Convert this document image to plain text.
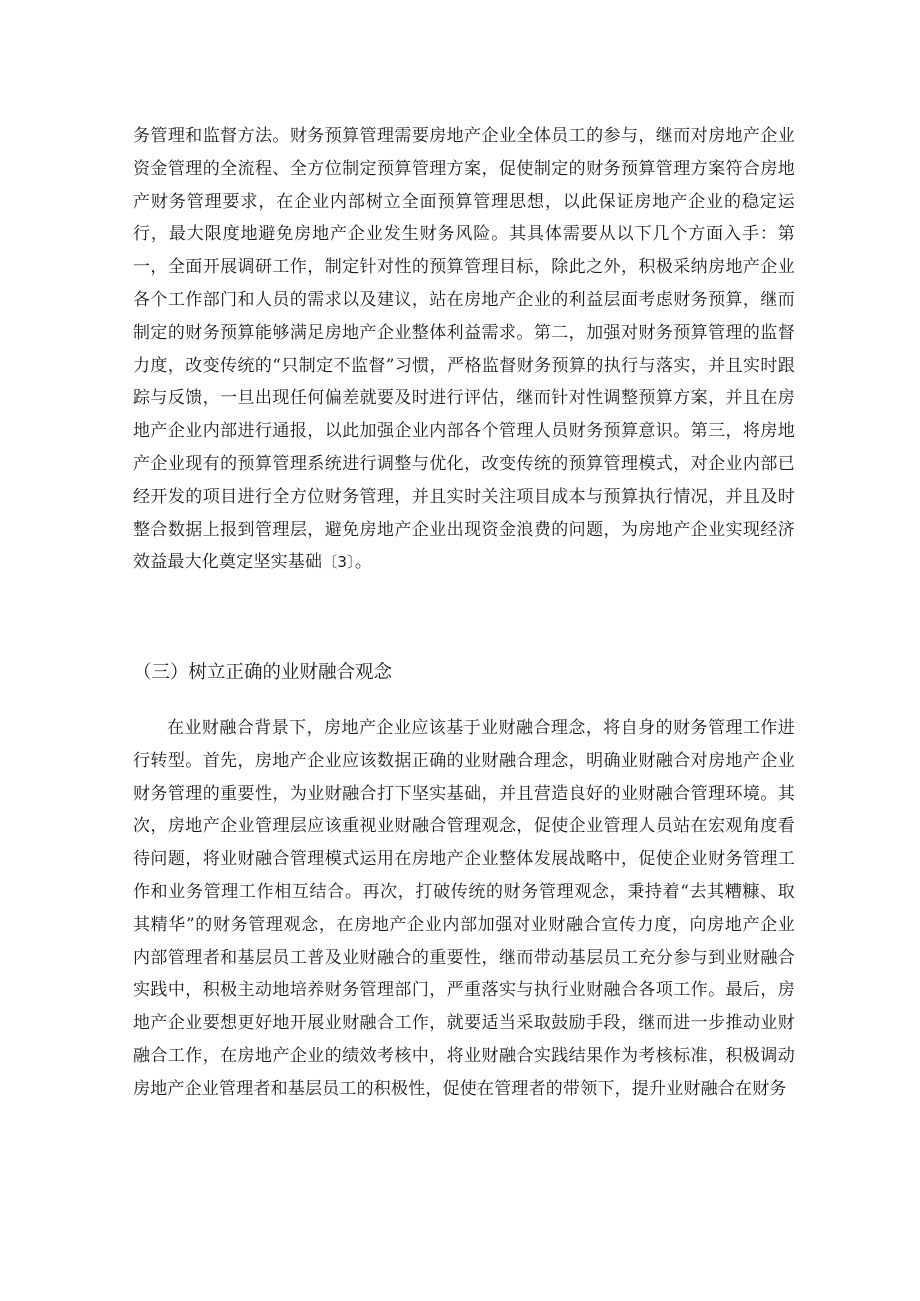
务管理和监督方法。财务预算管理需要房地产企业全体员工的参与，继而对房地产企业资金管理的全流程、全方位制定预算管理方案，促使制定的财务预算管理方案符合房地产财务管理要求，在企业内部树立全面预算管理思想，以此保证房地产企业的稳定运行，最大限度地避免房地产企业发生财务风险。其具体需要从以下几个方面入手：第一，全面开展调研工作，制定针对性的预算管理目标，除此之外，积极采纳房地产企业各个工作部门和人员的需求以及建议，站在房地产企业的利益层面考虑财务预算，继而制定的财务预算能够满足房地产企业整体利益需求。第二，加强对财务预算管理的监督力度，改变传统的“只制定不监督”习惯，严格监督财务预算的执行与落实，并且实时跟踪与反馈，一旦出现任何偏差就要及时进行评估，继而针对性调整预算方案，并且在房地产企业内部进行通报，以此加强企业内部各个管理人员财务预算意识。第三，将房地产企业现有的预算管理系统进行调整与优化，改变传统的预算管理模式，对企业内部已经开发的项目进行全方位财务管理，并且实时关注项目成本与预算执行情况，并且及时整合数据上报到管理层，避免房地产企业出现资金浪费的问题，为房地产企业实现经济效益最大化奠定坚实基础〔3〕。

（三）树立正确的业财融合观念

在业财融合背景下，房地产企业应该基于业财融合理念，将自身的财务管理工作进行转型。首先，房地产企业应该数据正确的业财融合理念，明确业财融合对房地产企业财务管理的重要性，为业财融合打下坚实基础，并且营造良好的业财融合管理环境。其次，房地产企业管理层应该重视业财融合管理观念，促使企业管理人员站在宏观角度看待问题，将业财融合管理模式运用在房地产企业整体发展战略中，促使企业财务管理工作和业务管理工作相互结合。再次，打破传统的财务管理观念，秉持着“去其糟糠、取其精华”的财务管理观念，在房地产企业内部加强对业财融合宣传力度，向房地产企业内部管理者和基层员工普及业财融合的重要性，继而带动基层员工充分参与到业财融合实践中，积极主动地培养财务管理部门，严重落实与执行业财融合各项工作。最后，房地产企业要想更好地开展业财融合工作，就要适当采取鼓励手段，继而进一步推动业财融合工作，在房地产企业的绩效考核中，将业财融合实践结果作为考核标准，积极调动房地产企业管理者和基层员工的积极性，促使在管理者的带领下，提升业财融合在财务
